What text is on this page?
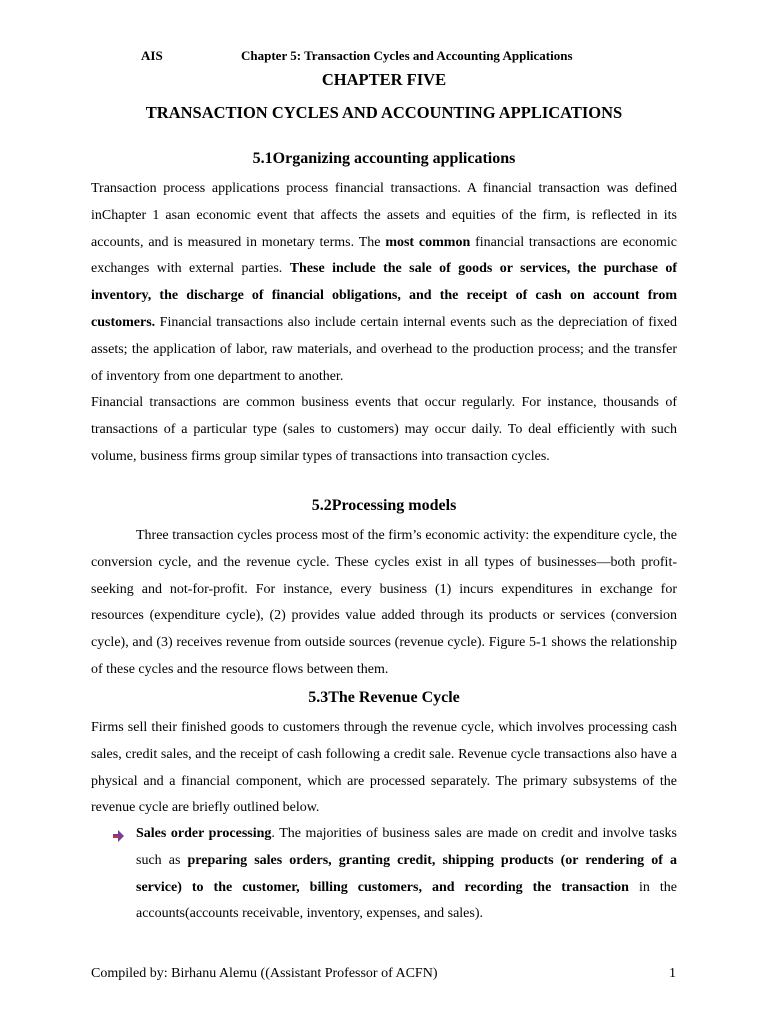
AIS	Chapter 5: Transaction Cycles and Accounting Applications
CHAPTER FIVE
TRANSACTION CYCLES AND ACCOUNTING APPLICATIONS
5.1Organizing accounting applications

Transaction process applications process financial transactions. A financial transaction was defined inChapter 1 asan economic event that affects the assets and equities of the firm, is reflected in its accounts, and is measured in monetary terms. The most common financial transactions are economic exchanges with external parties. These include the sale of goods or services, the purchase of inventory, the discharge of financial obligations, and the receipt of cash on account from customers. Financial transactions also include certain internal events such as the depreciation of fixed assets; the application of labor, raw materials, and overhead to the production process; and the transfer of inventory from one department to another.

Financial transactions are common business events that occur regularly. For instance, thousands of transactions of a particular type (sales to customers) may occur daily. To deal efficiently with such volume, business firms group similar types of transactions into transaction cycles.

5.2Processing models

Three transaction cycles process most of the firm’s economic activity: the expenditure cycle, the conversion cycle, and the revenue cycle. These cycles exist in all types of businesses—both profit-seeking and not-for-profit. For instance, every business (1) incurs expenditures in exchange for resources (expenditure cycle), (2) provides value added through its products or services (conversion cycle), and (3) receives revenue from outside sources (revenue cycle). Figure 5-1 shows the relationship of these cycles and the resource flows between them.

5.3The Revenue Cycle

Firms sell their finished goods to customers through the revenue cycle, which involves processing cash sales, credit sales, and the receipt of cash following a credit sale. Revenue cycle transactions also have a physical and a financial component, which are processed separately. The primary subsystems of the revenue cycle are briefly outlined below.

Sales order processing. The majorities of business sales are made on credit and involve tasks such as preparing sales orders, granting credit, shipping products (or rendering of a service) to the customer, billing customers, and recording the transaction in the accounts(accounts receivable, inventory, expenses, and sales).

Compiled by: Birhanu Alemu ((Assistant Professor of ACFN)	1
